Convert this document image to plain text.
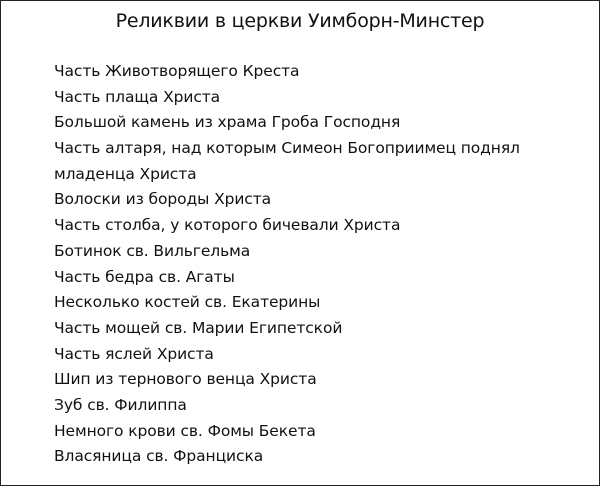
Реликвии в церкви Уимборн-Минстер
Часть Животворящего Креста
Часть плаща Христа
Большой камень из храма Гроба Господня
Часть алтаря, над которым Симеон Богоприимец поднял
младенца Христа
Волоски из бороды Христа
Часть столба, у которого бичевали Христа
Ботинок св. Вильгельма
Часть бедра св. Агаты
Несколько костей св. Екатерины
Часть мощей св. Марии Египетской
Часть яслей Христа
Шип из тернового венца Христа
Зуб св. Филиппа
Немного крови св. Фомы Бекета
Власяница св. Франциска
